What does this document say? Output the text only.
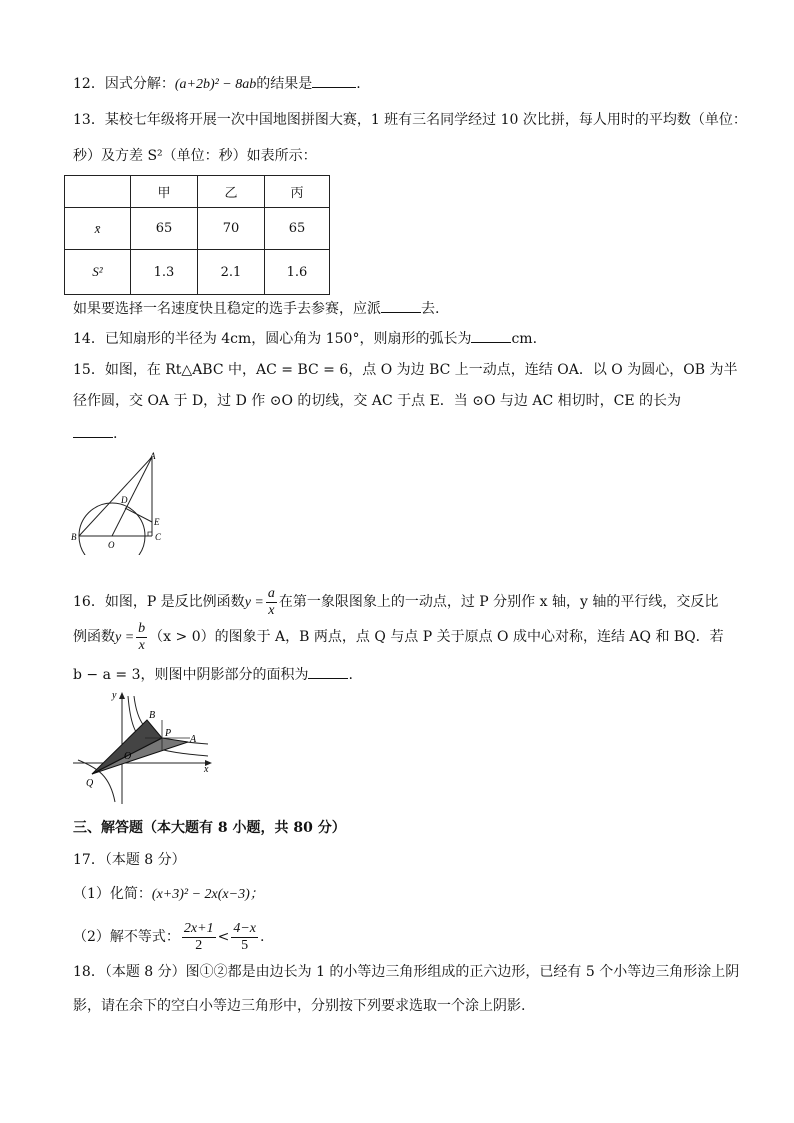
12．因式分解：(a+2b)² − 8ab的结果是	.
13．某校七年级将开展一次中国地图拼图大赛，1 班有三名同学经过 10 次比拼，每人用时的平均数（单位：
秒）及方差 S²（单位：秒）如表所示：
	甲	乙	丙
x̄	65	70	65
S²	1.3	2.1	1.6
如果要选择一名速度快且稳定的选手去参赛，应派	去.
14．已知扇形的半径为 4cm，圆心角为 150°，则扇形的弧长为	cm.
15．如图，在 Rt△ABC 中，AC = BC = 6，点 O 为边 BC 上一动点，连结 OA．以 O 为圆心，OB 为半
径作圆，交 OA 于 D，过 D 作 ⊙O 的切线，交 AC 于点 E．当 ⊙O 与边 AC 相切时，CE 的长为
.
A
B	C
D
E
O
16．如图，P 是反比例函数$y = \frac{a}{x}$ 在第一象限图象上的一动点，过 P 分别作 x 轴，y 轴的平行线，交反比
例函数$y = \frac{b}{x} (x > 0)$的图象于 A，B 两点，点 Q 与点 P 关于原点 O 成中心对称，连结 AQ 和 BQ．若
b − a = 3，则图中阴影部分的面积为	.
y
x
B
P
A
O
Q
三、解答题（本大题有 8 小题，共 80 分）
17．（本题 8 分）
（1）化简：(x+3)² − 2x(x−3)；
（2）解不等式： $\frac{2x+1}{2} < \frac{4-x}{5}$ .
18．（本题 8 分）图①②都是由边长为 1 的小等边三角形组成的正六边形，已经有 5 个小等边三角形涂上阴
影，请在余下的空白小等边三角形中，分别按下列要求选取一个涂上阴影.
